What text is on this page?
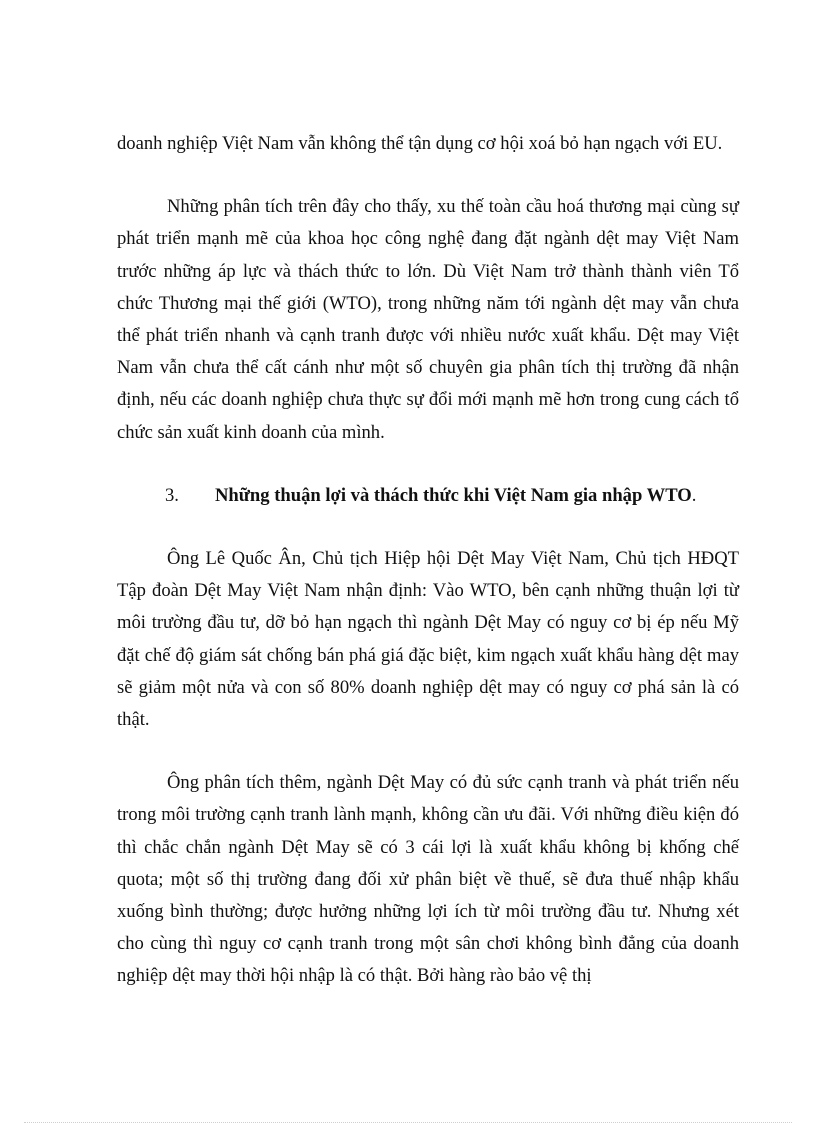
doanh nghiệp Việt Nam vẫn không thể tận dụng cơ hội xoá bỏ hạn ngạch với EU.

Những phân tích trên đây cho thấy, xu thế toàn cầu hoá thương mại cùng sự phát triển mạnh mẽ của khoa học công nghệ đang đặt ngành dệt may Việt Nam trước những áp lực và thách thức to lớn. Dù Việt Nam trở thành thành viên Tổ chức Thương mại thế giới (WTO), trong những năm tới ngành dệt may vẫn chưa thể phát triển nhanh và cạnh tranh được với nhiều nước xuất khẩu. Dệt may Việt Nam vẫn chưa thể cất cánh như một số chuyên gia phân tích thị trường đã nhận định, nếu các doanh nghiệp chưa thực sự đổi mới mạnh mẽ hơn trong cung cách tổ chức sản xuất kinh doanh của mình.

3. Những thuận lợi và thách thức khi Việt Nam gia nhập WTO.

Ông Lê Quốc Ân, Chủ tịch Hiệp hội Dệt May Việt Nam, Chủ tịch HĐQT Tập đoàn Dệt May Việt Nam nhận định: Vào WTO, bên cạnh những thuận lợi từ môi trường đầu tư, dỡ bỏ hạn ngạch thì ngành Dệt May có nguy cơ bị ép nếu Mỹ đặt chế độ giám sát chống bán phá giá đặc biệt, kim ngạch xuất khẩu hàng dệt may sẽ giảm một nửa và con số 80% doanh nghiệp dệt may có nguy cơ phá sản là có thật.

Ông phân tích thêm, ngành Dệt May có đủ sức cạnh tranh và phát triển nếu trong môi trường cạnh tranh lành mạnh, không cần ưu đãi. Với những điều kiện đó thì chắc chắn ngành Dệt May sẽ có 3 cái lợi là xuất khẩu không bị khống chế quota; một số thị trường đang đối xử phân biệt về thuế, sẽ đưa thuế nhập khẩu xuống bình thường; được hưởng những lợi ích từ môi trường đầu tư. Nhưng xét cho cùng thì nguy cơ cạnh tranh trong một sân chơi không bình đẳng của doanh nghiệp dệt may thời hội nhập là có thật. Bởi hàng rào bảo vệ thị
